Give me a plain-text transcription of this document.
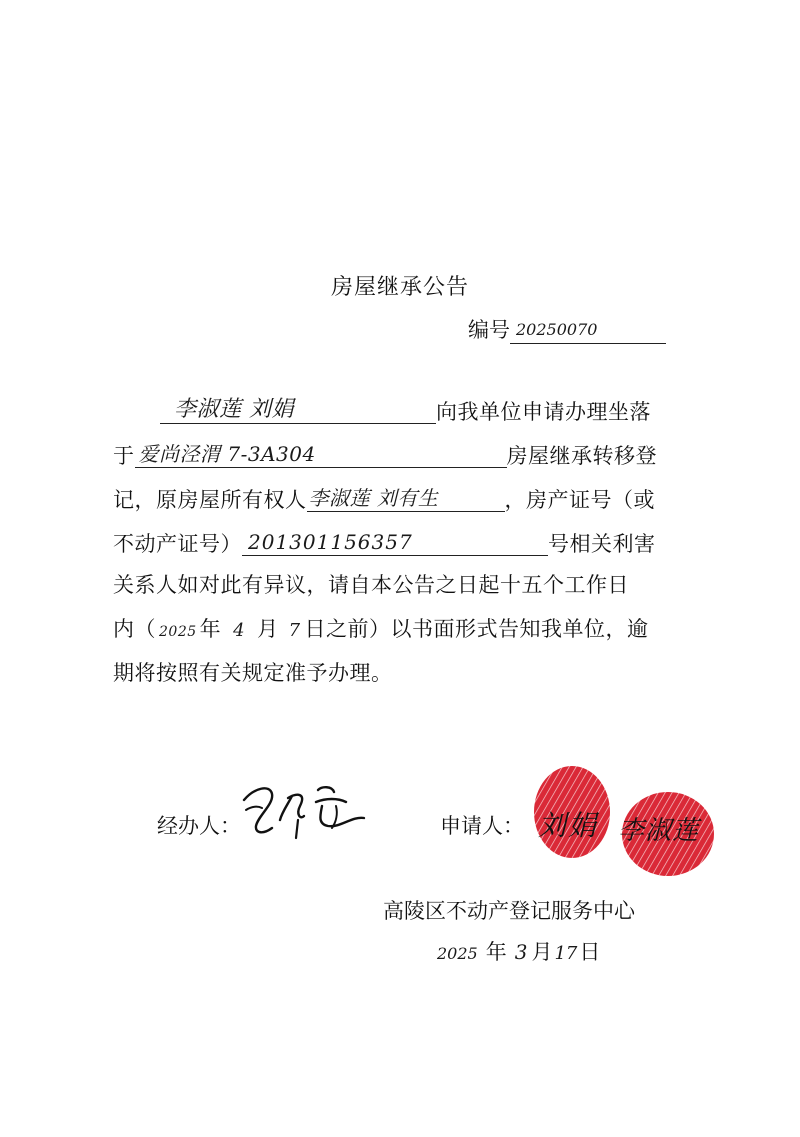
房屋继承公告
编号 20250070
李淑莲 刘娟	向我单位申请办理坐落
于 爱尚泾渭 7-3A304	房屋继承转移登
记，原房屋所有权人 李淑莲 刘有生	，房产证号（或
不动产证号） 201301156357	号相关利害
关系人如对此有异议，请自本公告之日起十五个工作日
内（ 2025 年 4 月 7 日之前）以书面形式告知我单位，逾
期将按照有关规定准予办理。
经办人：	申请人： 刘娟 李淑莲
高陵区不动产登记服务中心
2025 年 3 月 17日
